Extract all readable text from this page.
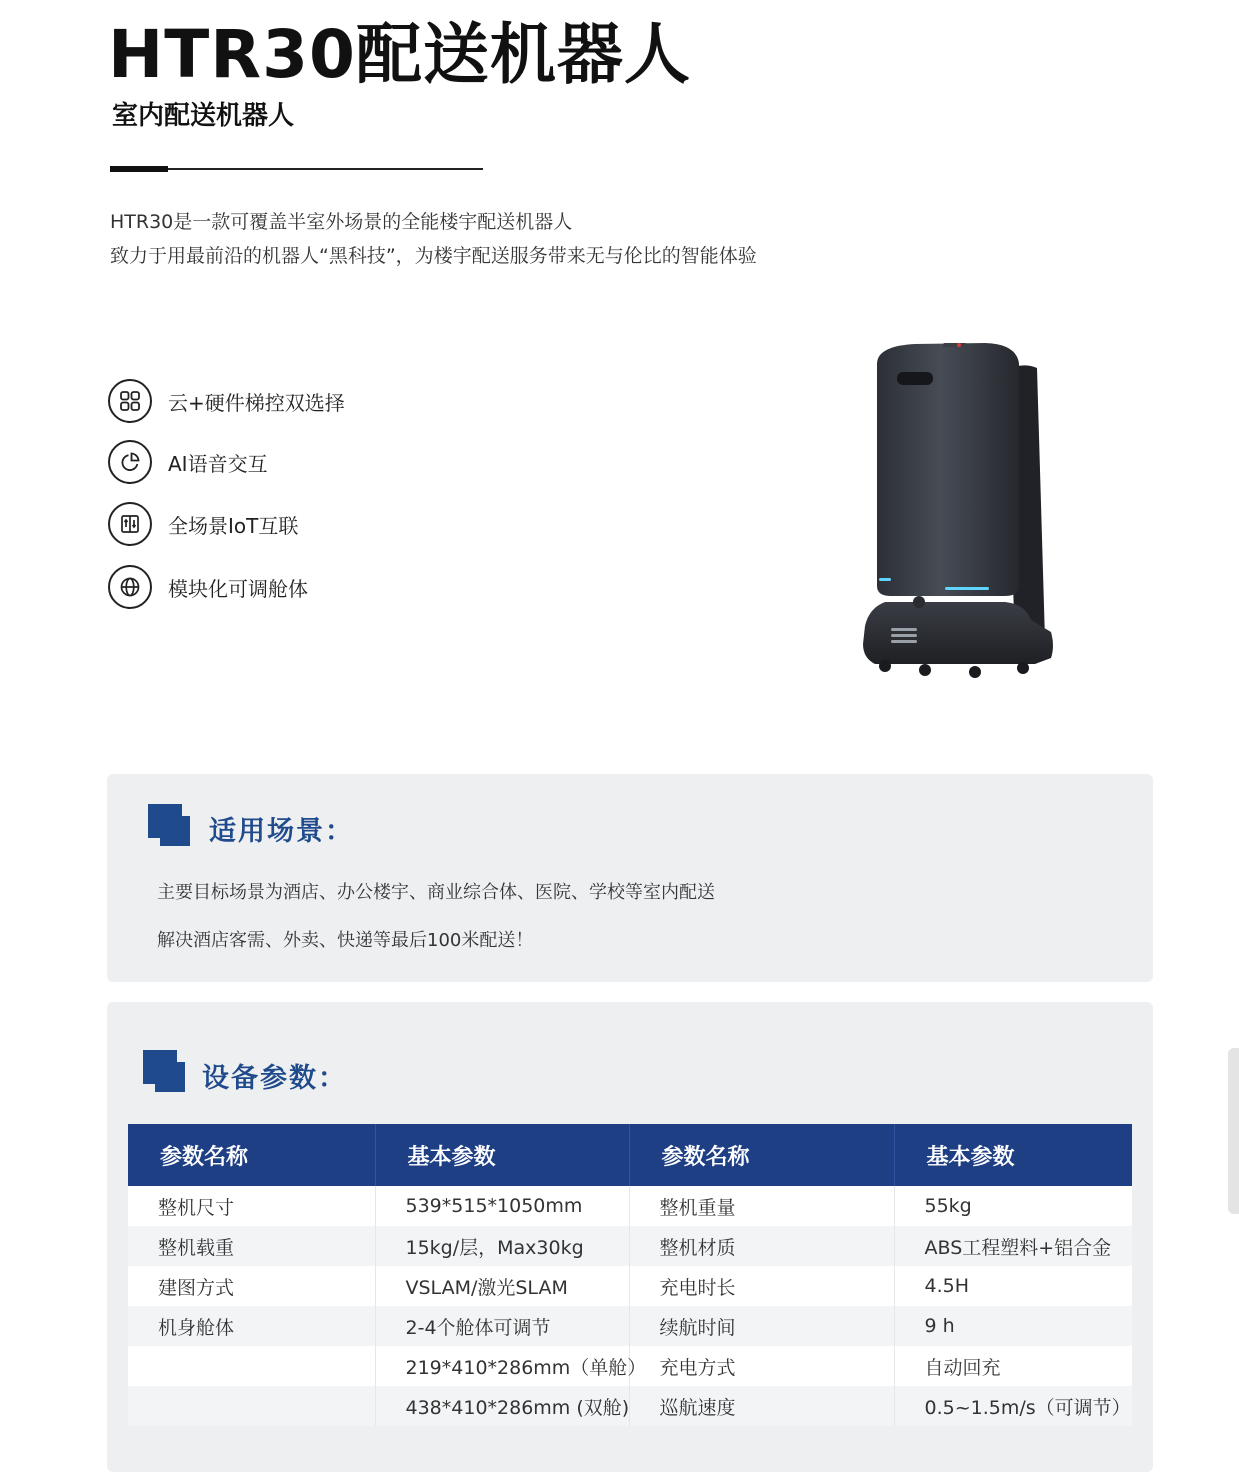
HTR30配送机器人
室内配送机器人
HTR30是一款可覆盖半室外场景的全能楼宇配送机器人
致力于用最前沿的机器人“黑科技”，为楼宇配送服务带来无与伦比的智能体验
云+硬件梯控双选择
AI语音交互
全场景IoT互联
模块化可调舱体
适用场景：
主要目标场景为酒店、办公楼宇、商业综合体、医院、学校等室内配送
解决酒店客需、外卖、快递等最后100米配送！
设备参数：
参数名称	基本参数	参数名称	基本参数
整机尺寸	539*515*1050mm	整机重量	55kg
整机载重	15kg/层，Max30kg	整机材质	ABS工程塑料+铝合金
建图方式	VSLAM/激光SLAM	充电时长	4.5H
机身舱体	2-4个舱体可调节	续航时间	9 h
	219*410*286mm（单舱）	充电方式	自动回充
	438*410*286mm (双舱)	巡航速度	0.5~1.5m/s（可调节）
